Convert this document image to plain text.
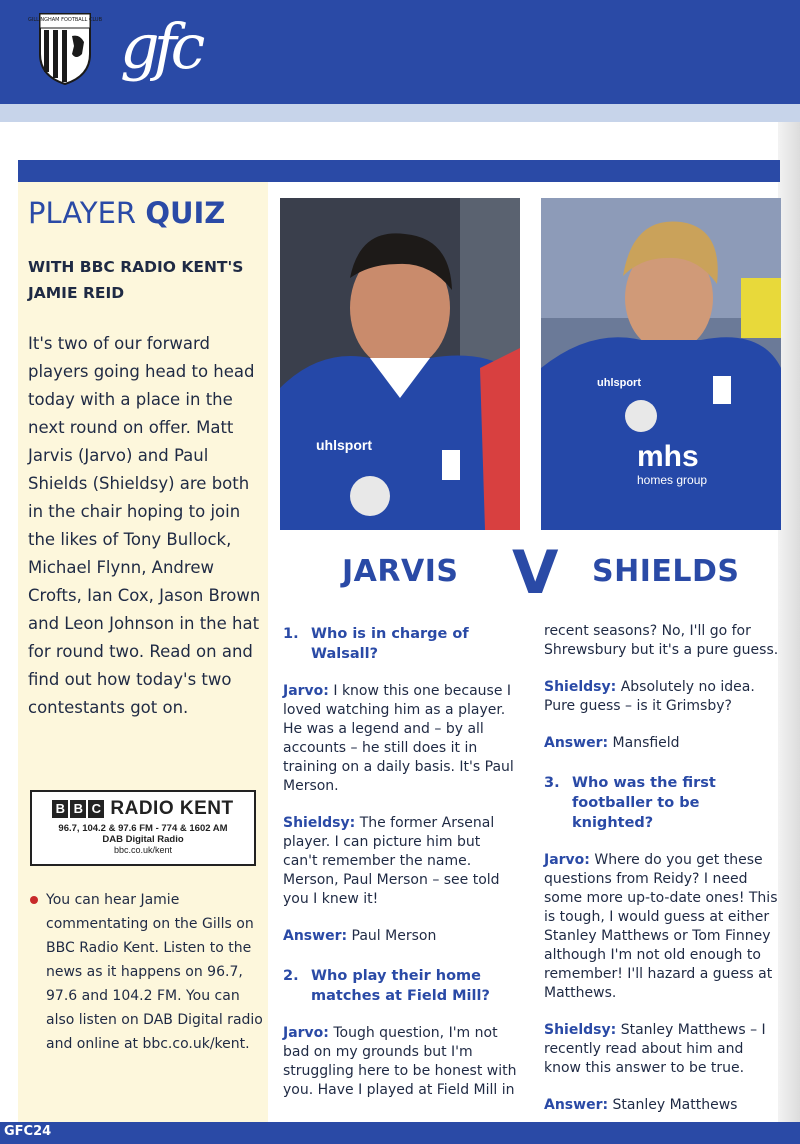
GILLINGHAM FOOTBALL CLUB gfc
PLAYER QUIZ
WITH BBC RADIO KENT'S
JAMIE REID
It's two of our forward players going head to head today with a place in the next round on offer. Matt Jarvis (Jarvo) and Paul Shields (Shieldsy) are both in the chair hoping to join the likes of Tony Bullock, Michael Flynn, Andrew Crofts, Ian Cox, Jason Brown and Leon Johnson in the hat for round two. Read on and find out how today's two contestants got on.
B B C RADIO KENT
96.7, 104.2 & 97.6 FM - 774 & 1602 AM
DAB Digital Radio
bbc.co.uk/kent
You can hear Jamie commentating on the Gills on BBC Radio Kent. Listen to the news as it happens on 96.7, 97.6 and 104.2 FM. You can also listen on DAB Digital radio and online at bbc.co.uk/kent.
uhlsport
uhlsport
mhs
homes group
JARVIS V SHIELDS
1. Who is in charge of Walsall?

Jarvo: I know this one because I loved watching him as a player. He was a legend and – by all accounts – he still does it in training on a daily basis. It's Paul Merson.

Shieldsy: The former Arsenal player. I can picture him but can't remember the name. Merson, Paul Merson – see told you I knew it!

Answer: Paul Merson

2. Who play their home matches at Field Mill?

Jarvo: Tough question, I'm not bad on my grounds but I'm struggling here to be honest with you. Have I played at Field Mill in

recent seasons? No, I'll go for Shrewsbury but it's a pure guess.

Shieldsy: Absolutely no idea. Pure guess – is it Grimsby?

Answer: Mansfield

3. Who was the first footballer to be knighted?

Jarvo: Where do you get these questions from Reidy? I need some more up-to-date ones! This is tough, I would guess at either Stanley Matthews or Tom Finney although I'm not old enough to remember! I'll hazard a guess at Matthews.

Shieldsy: Stanley Matthews – I recently read about him and know this answer to be true.

Answer: Stanley Matthews

GFC24
